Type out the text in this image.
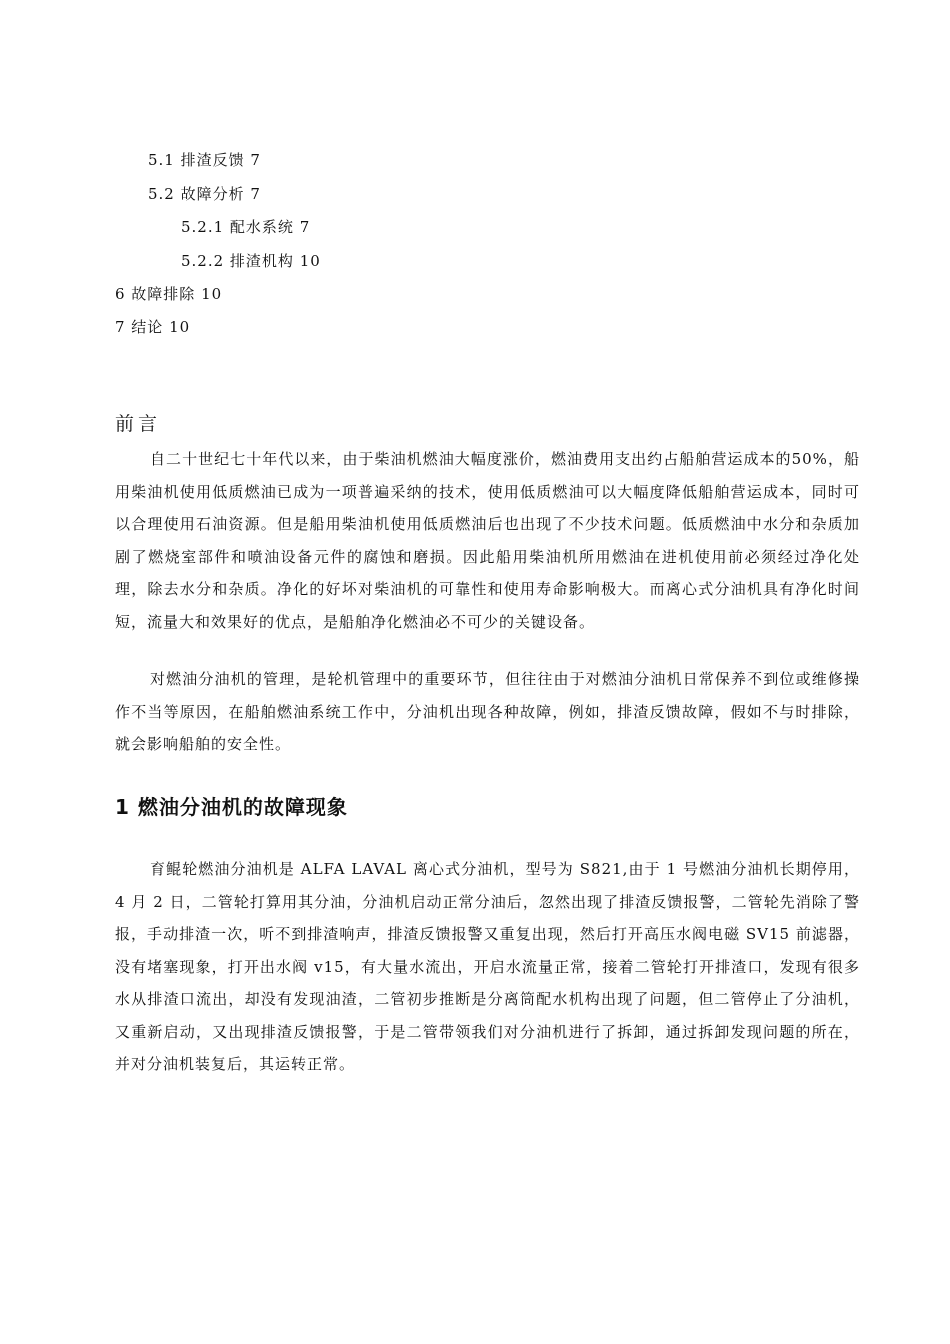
5.1 排渣反馈 7
5.2 故障分析 7
5.2.1 配水系统 7
5.2.2 排渣机构 10
6 故障排除 10
7 结论 10
前言

自二十世纪七十年代以来，由于柴油机燃油大幅度涨价，燃油费用支出约占船舶营运成本的50%，船用柴油机使用低质燃油已成为一项普遍采纳的技术，使用低质燃油可以大幅度降低船舶营运成本，同时可以合理使用石油资源。但是船用柴油机使用低质燃油后也出现了不少技术问题。低质燃油中水分和杂质加剧了燃烧室部件和喷油设备元件的腐蚀和磨损。因此船用柴油机所用燃油在进机使用前必须经过净化处理，除去水分和杂质。净化的好坏对柴油机的可靠性和使用寿命影响极大。而离心式分油机具有净化时间短，流量大和效果好的优点，是船舶净化燃油必不可少的关键设备。

对燃油分油机的管理，是轮机管理中的重要环节，但往往由于对燃油分油机日常保养不到位或维修操作不当等原因，在船舶燃油系统工作中，分油机出现各种故障，例如，排渣反馈故障，假如不与时排除，就会影响船舶的安全性。

1 燃油分油机的故障现象

育鲲轮燃油分油机是 ALFA LAVAL 离心式分油机，型号为 S821,由于 1 号燃油分油机长期停用，4 月 2 日，二管轮打算用其分油，分油机启动正常分油后，忽然出现了排渣反馈报警，二管轮先消除了警报，手动排渣一次，听不到排渣响声，排渣反馈报警又重复出现，然后打开高压水阀电磁 SV15 前滤器，没有堵塞现象，打开出水阀 v15，有大量水流出，开启水流量正常，接着二管轮打开排渣口，发现有很多水从排渣口流出，却没有发现油渣，二管初步推断是分离筒配水机构出现了问题，但二管停止了分油机，又重新启动，又出现排渣反馈报警，于是二管带领我们对分油机进行了拆卸，通过拆卸发现问题的所在，并对分油机装复后，其运转正常。
